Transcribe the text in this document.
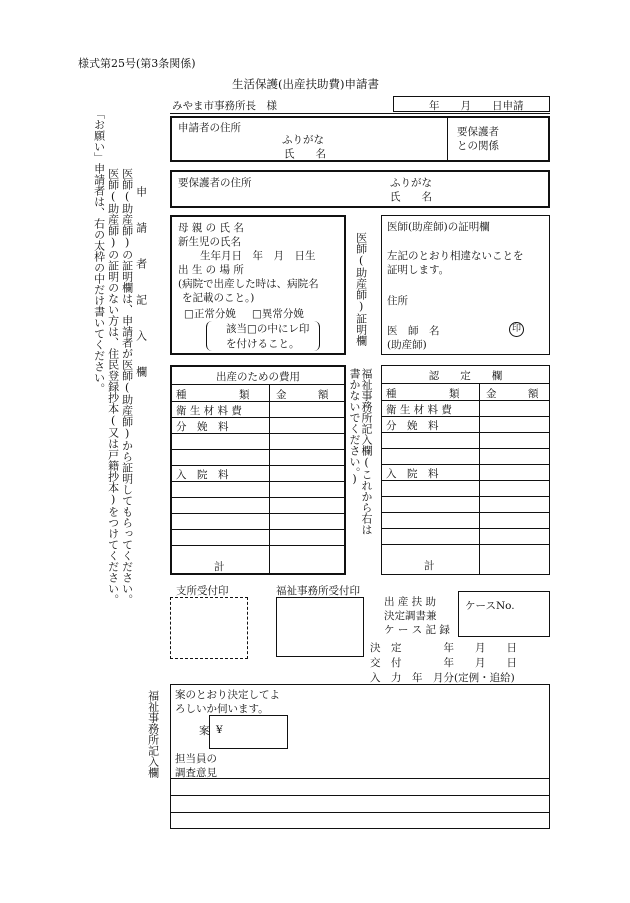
様式第25号(第3条関係)
生活保護(出産扶助費)申請書
「お願い」申請者は、右の太枠の中だけ書いてください。 医師(助産師)の証明のない方は、住民登録抄本(又は戸籍抄本)をつけてください。 医師(助産師)の証明欄は、申請者が医師(助産師)から証明してもらってください。 申 請 者 記 入 欄
みやま市事務所長　様	年　　月　　日申請
申請者の住所
ふりがな
氏　　名
要保護者
との関係
要保護者の住所	ふりがな
氏　　名
母 親 の 氏 名
新生児の氏名
生年月日　年　月　日生
出 生 の 場 所
(病院で出産した時は、病院名
を記載のこと。)
□正常分娩 □異常分娩
該当□の中にレ印
を付けること。	医師(助産師)証明欄
医師(助産師)の証明欄
左記のとおり相違ないことを
証明します。
住所
医　師　名	印
(助産師)
出産のための費用
種　　　　　類	金　　　額
衛 生 材 料 費
分　娩　料
入　院　料
計
福祉事務所記入欄(これから右は書かないでください。)	認　　定　　欄
種　　　　　類	金　　　額
衛 生 材 料 費
分　娩　料
入　院　料
計
支所受付印	福祉事務所受付印
出 産 扶 助
決定調書兼
ケ ー ス 記 録
ケースNo.
決　定　　　　年　　月　　日
交　付　　　　年　　月　　日
入　力　年　月分(定例・追給)
福祉事務所記入欄 案のとおり決定してよ
ろしいか伺います。
案 ¥
担当員の
調査意見
